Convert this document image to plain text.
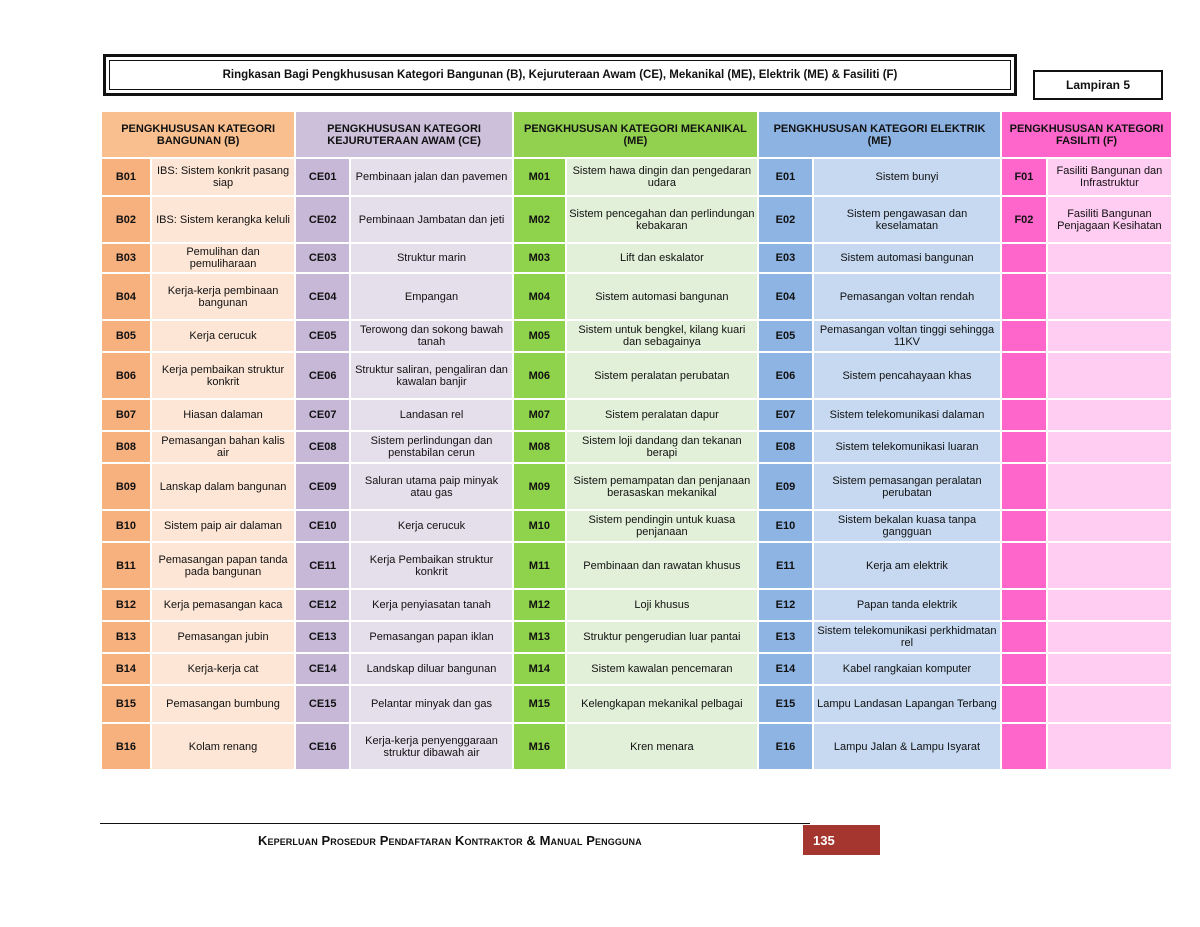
Ringkasan Bagi Pengkhususan Kategori Bangunan (B), Kejuruteraan Awam (CE), Mekanikal (ME), Elektrik (ME) & Fasiliti (F)
Lampiran 5
PENGKHUSUSAN KATEGORI BANGUNAN (B)		PENGKHUSUSAN KATEGORI KEJURUTERAAN AWAM (CE)		PENGKHUSUSAN KATEGORI MEKANIKAL (ME)		PENGKHUSUSAN KATEGORI ELEKTRIK (ME)		PENGKHUSUSAN KATEGORI FASILITI (F)	
B01	IBS: Sistem konkrit pasang siap	CE01	Pembinaan jalan dan pavemen	M01	Sistem hawa dingin dan pengedaran udara	E01	Sistem bunyi	F01	Fasiliti Bangunan dan Infrastruktur
B02	IBS: Sistem kerangka keluli	CE02	Pembinaan Jambatan dan jeti	M02	Sistem pencegahan dan perlindungan kebakaran	E02	Sistem pengawasan dan keselamatan	F02	Fasiliti Bangunan Penjagaan Kesihatan
B03	Pemulihan dan pemuliharaan	CE03	Struktur marin	M03	Lift dan eskalator	E03	Sistem automasi bangunan		
B04	Kerja-kerja pembinaan bangunan	CE04	Empangan	M04	Sistem automasi bangunan	E04	Pemasangan voltan rendah		
B05	Kerja cerucuk	CE05	Terowong dan sokong bawah tanah	M05	Sistem untuk bengkel, kilang kuari dan sebagainya	E05	Pemasangan voltan tinggi sehingga 11KV		
B06	Kerja pembaikan struktur konkrit	CE06	Struktur saliran, pengaliran dan kawalan banjir	M06	Sistem peralatan perubatan	E06	Sistem pencahayaan khas		
B07	Hiasan dalaman	CE07	Landasan rel	M07	Sistem peralatan dapur	E07	Sistem telekomunikasi dalaman		
B08	Pemasangan bahan kalis air	CE08	Sistem perlindungan dan penstabilan cerun	M08	Sistem loji dandang dan tekanan berapi	E08	Sistem telekomunikasi luaran		
B09	Lanskap dalam bangunan	CE09	Saluran utama paip minyak atau gas	M09	Sistem pemampatan dan penjanaan berasaskan mekanikal	E09	Sistem pemasangan peralatan perubatan		
B10	Sistem paip air dalaman	CE10	Kerja cerucuk	M10	Sistem pendingin untuk kuasa penjanaan	E10	Sistem bekalan kuasa tanpa gangguan		
B11	Pemasangan papan tanda pada bangunan	CE11	Kerja Pembaikan struktur konkrit	M11	Pembinaan dan rawatan khusus	E11	Kerja am elektrik		
B12	Kerja pemasangan kaca	CE12	Kerja penyiasatan tanah	M12	Loji khusus	E12	Papan tanda elektrik		
B13	Pemasangan jubin	CE13	Pemasangan papan iklan	M13	Struktur pengerudian luar pantai	E13	Sistem telekomunikasi perkhidmatan rel		
B14	Kerja-kerja cat	CE14	Landskap diluar bangunan	M14	Sistem kawalan pencemaran	E14	Kabel rangkaian komputer		
B15	Pemasangan bumbung	CE15	Pelantar minyak dan gas	M15	Kelengkapan mekanikal pelbagai	E15	Lampu Landasan Lapangan Terbang		
B16	Kolam renang	CE16	Kerja-kerja penyenggaraan struktur dibawah air	M16	Kren menara	E16	Lampu Jalan & Lampu Isyarat		
Keperluan Prosedur Pendaftaran Kontraktor & Manual Pengguna	135
